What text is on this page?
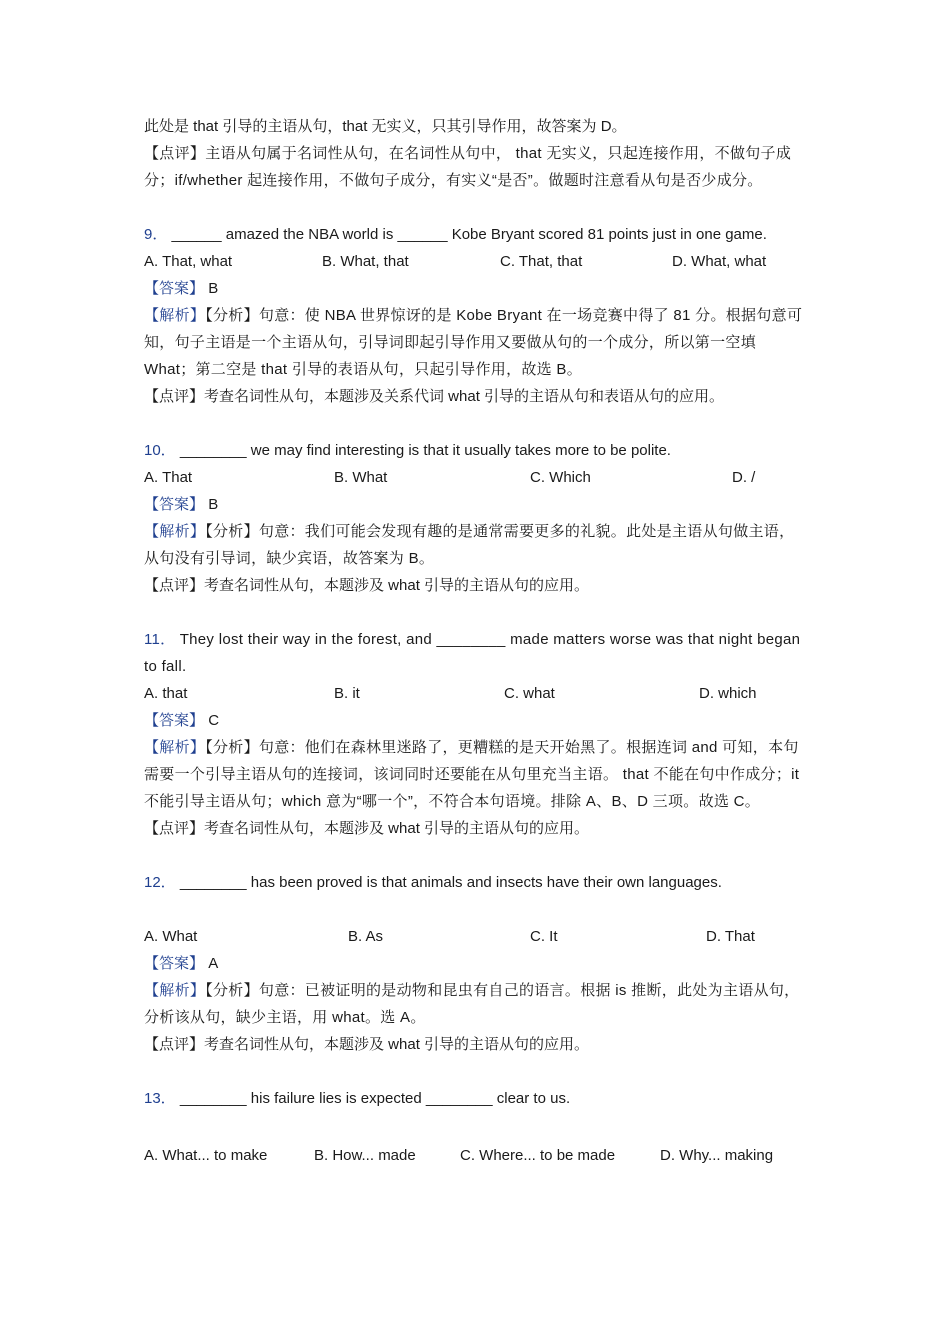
此处是 that 引导的主语从句，that 无实义，只其引导作用，故答案为 D。
【点评】主语从句属于名词性从句，在名词性从句中， that 无实义，只起连接作用，不做句子成分；if/whether 起连接作用，不做句子成分，有实义“是否”。做题时注意看从句是否少成分。
9． ______ amazed the NBA world is ______ Kobe Bryant scored 81 points just in one game.
A. That, what	B. What, that	C. That, that	D. What, what
【答案】 B
【解析】【分析】句意：使 NBA 世界惊讶的是 Kobe Bryant 在一场竞赛中得了 81 分。根据句意可知，句子主语是一个主语从句，引导词即起引导作用又要做从句的一个成分，所以第一空填 What；第二空是 that 引导的表语从句，只起引导作用，故选 B。
【点评】考查名词性从句，本题涉及关系代词 what 引导的主语从句和表语从句的应用。
10． ________ we may find interesting is that it usually takes more to be polite.
A. That	B. What	C. Which	D. /
【答案】 B
【解析】【分析】句意：我们可能会发现有趣的是通常需要更多的礼貌。此处是主语从句做主语，从句没有引导词，缺少宾语，故答案为 B。
【点评】考查名词性从句，本题涉及 what 引导的主语从句的应用。
11． They lost their way in the forest, and ________ made matters worse was that night began to fall.
A. that	B. it	C. what	D. which
【答案】 C
【解析】【分析】句意：他们在森林里迷路了，更糟糕的是天开始黑了。根据连词 and 可知，本句需要一个引导主语从句的连接词，该词同时还要能在从句里充当主语。 that 不能在句中作成分；it 不能引导主语从句；which 意为“哪一个”，不符合本句语境。排除 A、B、D 三项。故选 C。
【点评】考查名词性从句，本题涉及 what 引导的主语从句的应用。
12． ________ has been proved is that animals and insects have their own languages.
A. What	B. As	C. It	D. That
【答案】 A
【解析】【分析】句意：已被证明的是动物和昆虫有自己的语言。根据 is 推断，此处为主语从句，分析该从句，缺少主语，用 what。选 A。
【点评】考查名词性从句，本题涉及 what 引导的主语从句的应用。
13． ________ his failure lies is expected ________ clear to us.
A. What... to make	B. How... made	C. Where... to be made	D. Why... making
